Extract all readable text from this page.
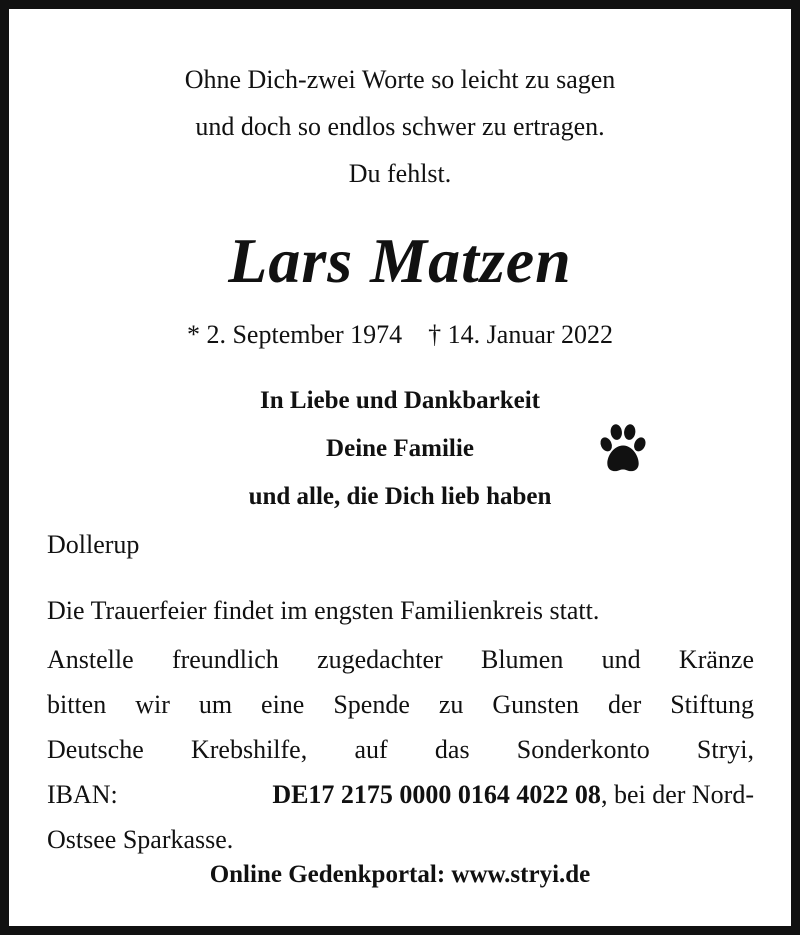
Ohne Dich-zwei Worte so leicht zu sagen
und doch so endlos schwer zu ertragen.
Du fehlst.
Lars Matzen
* 2. September 1974 † 14. Januar 2022
In Liebe und Dankbarkeit
Deine Familie
und alle, die Dich lieb haben
Dollerup
Die Trauerfeier findet im engsten Familienkreis statt.
Anstelle freundlich zugedachter Blumen und Kränze
bitten wir um eine Spende zu Gunsten der Stiftung
Deutsche Krebshilfe, auf das Sonderkonto Stryi,
IBAN:	DE17 2175 0000 0164 4022 08, bei der Nord-
Ostsee Sparkasse.
Online Gedenkportal: www.stryi.de
